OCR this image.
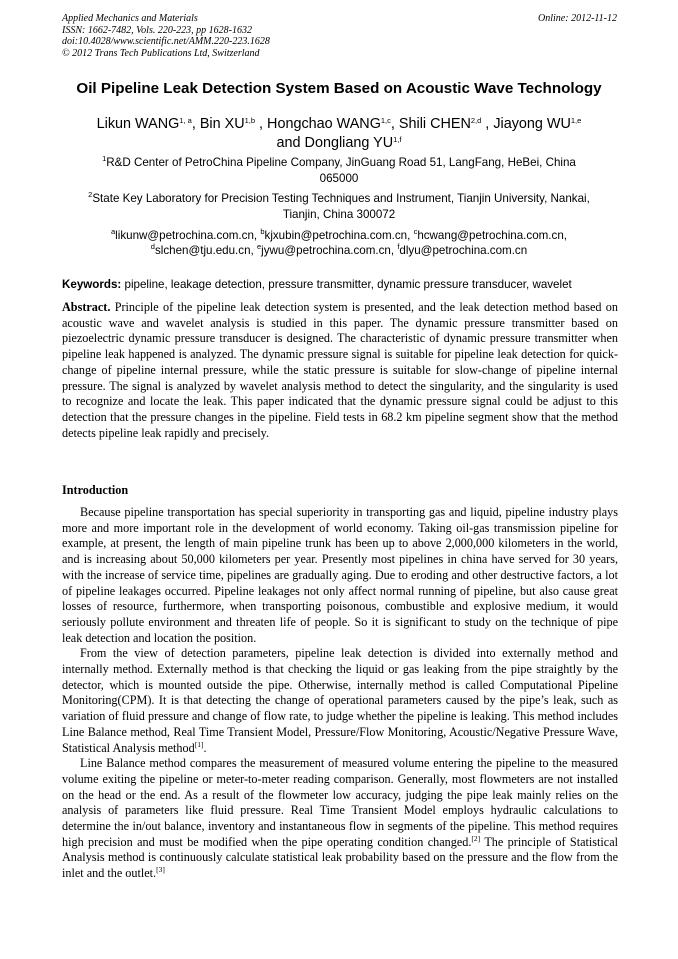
Applied Mechanics and Materials
ISSN: 1662-7482, Vols. 220-223, pp 1628-1632
doi:10.4028/www.scientific.net/AMM.220-223.1628
© 2012 Trans Tech Publications Ltd, Switzerland
Online: 2012-11-12
Oil Pipeline Leak Detection System Based on Acoustic Wave Technology
Likun WANG$^{1, a}$, Bin XU$^{1,b}$ , Hongchao WANG$^{1,c}$, Shili CHEN$^{2,d}$ , Jiayong WU$^{1,e}$
and Dongliang YU$^{1,f}$
$^1$R&D Center of PetroChina Pipeline Company, JinGuang Road 51, LangFang, HeBei, China
065000
$^2$State Key Laboratory for Precision Testing Techniques and Instrument, Tianjin University, Nankai,
Tianjin, China 300072
$^a$likunw@petrochina.com.cn, $^b$kjxubin@petrochina.com.cn, $^c$hcwang@petrochina.com.cn,
$^d$slchen@tju.edu.cn, $^e$jywu@petrochina.com.cn, $^f$dlyu@petrochina.com.cn
Keywords: pipeline, leakage detection, pressure transmitter, dynamic pressure transducer, wavelet
Abstract. Principle of the pipeline leak detection system is presented, and the leak detection method based on acoustic wave and wavelet analysis is studied in this paper. The dynamic pressure transmitter based on piezoelectric dynamic pressure transducer is designed. The characteristic of dynamic pressure transmitter when pipeline leak happened is analyzed. The dynamic pressure signal is suitable for pipeline leak detection for quick-change of pipeline internal pressure, while the static pressure is suitable for slow-change of pipeline internal pressure. The signal is analyzed by wavelet analysis method to detect the singularity, and the singularity is used to recognize and locate the leak. This paper indicated that the dynamic pressure signal could be adjust to this detection that the pressure changes in the pipeline. Field tests in 68.2 km pipeline segment show that the method detects pipeline leak rapidly and precisely.
Introduction

Because pipeline transportation has special superiority in transporting gas and liquid, pipeline industry plays more and more important role in the development of world economy. Taking oil-gas transmission pipeline for example, at present, the length of main pipeline trunk has been up to above 2,000,000 kilometers in the world, and is increasing about 50,000 kilometers per year. Presently most pipelines in china have served for 30 years, with the increase of service time, pipelines are gradually aging. Due to eroding and other destructive factors, a lot of pipeline leakages occurred. Pipeline leakages not only affect normal running of pipeline, but also cause great losses of resource, furthermore, when transporting poisonous, combustible and explosive medium, it would seriously pollute environment and threaten life of people. So it is significant to study on the technique of pipe leak detection and location the position.

From the view of detection parameters, pipeline leak detection is divided into externally method and internally method. Externally method is that checking the liquid or gas leaking from the pipe straightly by the detector, which is mounted outside the pipe. Otherwise, internally method is called Computational Pipeline Monitoring(CPM). It is that detecting the change of operational parameters caused by the pipe’s leak, such as variation of fluid pressure and change of flow rate, to judge whether the pipeline is leaking. This method includes Line Balance method, Real Time Transient Model, Pressure/Flow Monitoring, Acoustic/Negative Pressure Wave, Statistical Analysis method[1].

Line Balance method compares the measurement of measured volume entering the pipeline to the measured volume exiting the pipeline or meter-to-meter reading comparison. Generally, most flowmeters are not installed on the head or the end. As a result of the flowmeter low accuracy, judging the pipe leak mainly relies on the analysis of parameters like fluid pressure. Real Time Transient Model employs hydraulic calculations to determine the in/out balance, inventory and instantaneous flow in segments of the pipeline. This method requires high precision and must be modified when the pipe operating condition changed.[2] The principle of Statistical Analysis method is continuously calculate statistical leak probability based on the pressure and the flow from the inlet and the outlet.[3]
